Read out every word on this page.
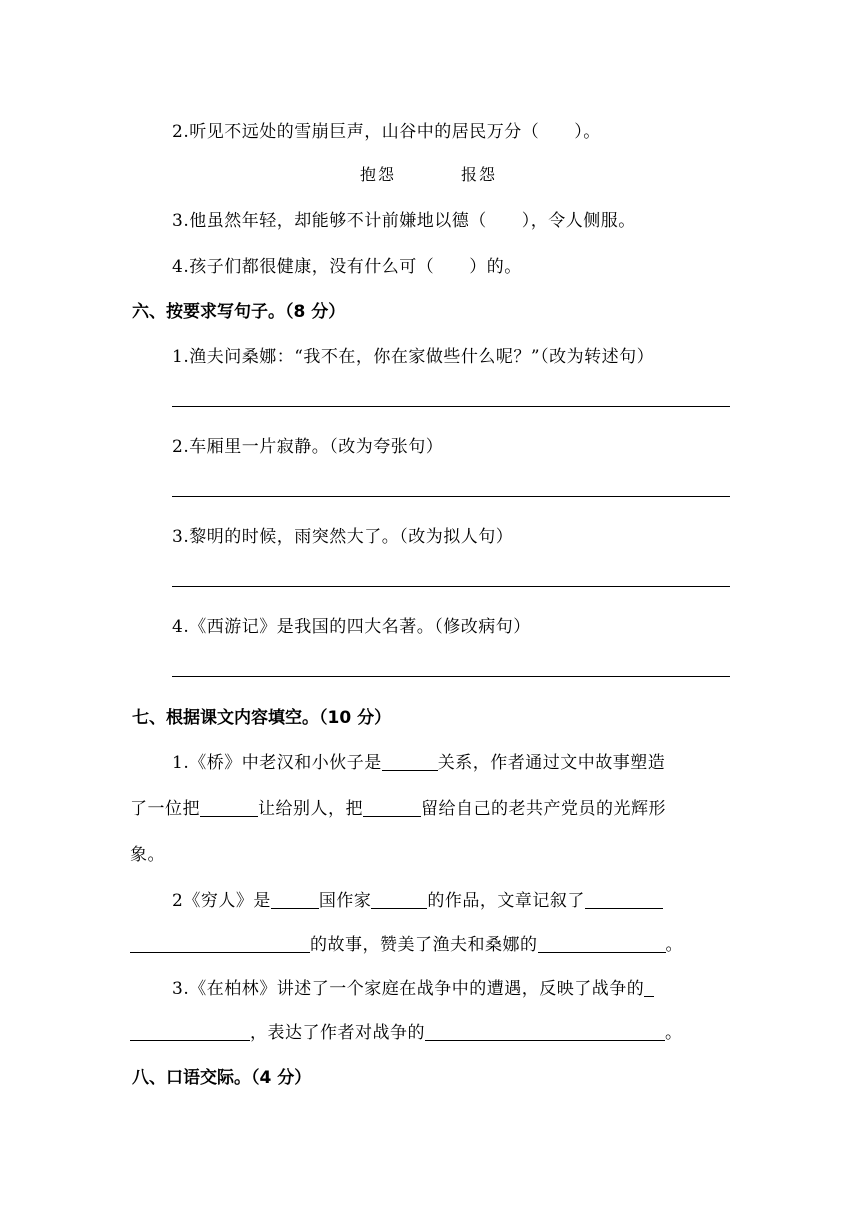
2.听见不远处的雪崩巨声，山谷中的居民万分（　　）。
抱怨	报怨
3.他虽然年轻，却能够不计前嫌地以德（　　），令人侧服。
4.孩子们都很健康，没有什么可（　　）的。
六、按要求写句子。（8 分）
1.渔夫问桑娜：“我不在，你在家做些什么呢？”（改为转述句）
2.车厢里一片寂静。（改为夸张句）
3.黎明的时候，雨突然大了。（改为拟人句）
4.《西游记》是我国的四大名著。（修改病句）
七、根据课文内容填空。（10 分）
1.《桥》中老汉和小伙子是	关系，作者通过文中故事塑造
了一位把	让给别人，把	留给自己的老共产党员的光辉形
象。
2《穷人》是	国作家	的作品，文章记叙了
的故事，赞美了渔夫和桑娜的	。
3.《在柏林》讲述了一个家庭在战争中的遭遇，反映了战争的
，表达了作者对战争的	。
八、口语交际。（4 分）
